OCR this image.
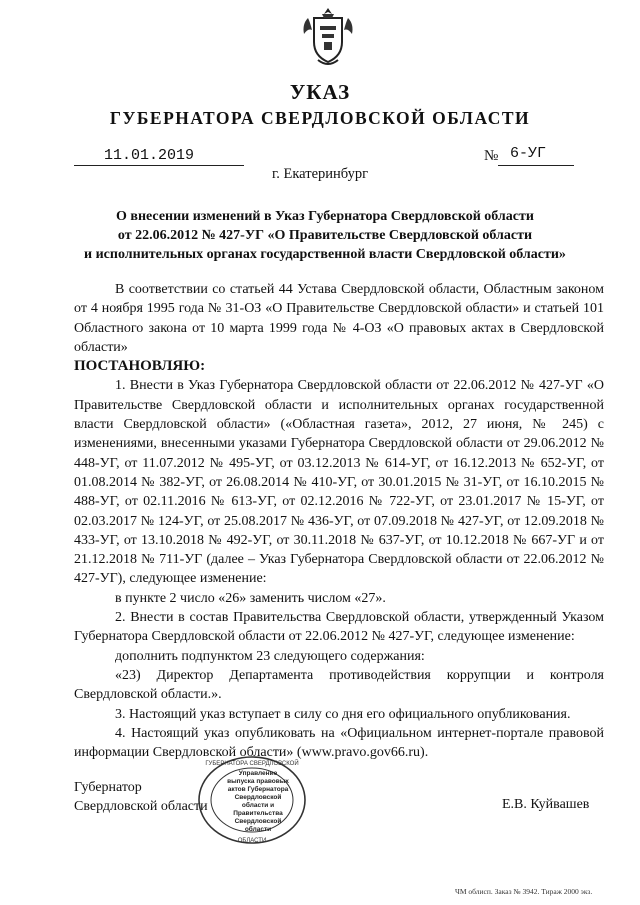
УКАЗ
ГУБЕРНАТОРА СВЕРДЛОВСКОЙ ОБЛАСТИ
11.01.2019	№ 6-УГ
г. Екатеринбург
О внесении изменений в Указ Губернатора Свердловской области
от 22.06.2012 № 427-УГ «О Правительстве Свердловской области
и исполнительных органах государственной власти Свердловской области»

В соответствии со статьей 44 Устава Свердловской области, Областным законом от 4 ноября 1995 года № 31-ОЗ «О Правительстве Свердловской области» и статьей 101 Областного закона от 10 марта 1999 года № 4-ОЗ «О правовых актах в Свердловской области»

ПОСТАНОВЛЯЮ:

1. Внести в Указ Губернатора Свердловской области от 22.06.2012 № 427-УГ «О Правительстве Свердловской области и исполнительных органах государственной власти Свердловской области» («Областная газета», 2012, 27 июня, № 245) с изменениями, внесенными указами Губернатора Свердловской области от 29.06.2012 № 448-УГ, от 11.07.2012 № 495-УГ, от 03.12.2013 № 614-УГ, от 16.12.2013 № 652-УГ, от 01.08.2014 № 382-УГ, от 26.08.2014 № 410-УГ, от 30.01.2015 № 31-УГ, от 16.10.2015 № 488-УГ, от 02.11.2016 № 613-УГ, от 02.12.2016 № 722-УГ, от 23.01.2017 № 15-УГ, от 02.03.2017 № 124-УГ, от 25.08.2017 № 436-УГ, от 07.09.2018 № 427-УГ, от 12.09.2018 № 433-УГ, от 13.10.2018 № 492-УГ, от 30.11.2018 № 637-УГ, от 10.12.2018 № 667-УГ и от 21.12.2018 № 711-УГ (далее – Указ Губернатора Свердловской области от 22.06.2012 № 427-УГ), следующее изменение:

в пункте 2 число «26» заменить числом «27».

2. Внести в состав Правительства Свердловской области, утвержденный Указом Губернатора Свердловской области от 22.06.2012 № 427-УГ, следующее изменение:

дополнить подпунктом 23 следующего содержания:

«23) Директор Департамента противодействия коррупции и контроля Свердловской области.».

3. Настоящий указ вступает в силу со дня его официального опубликования.

4. Настоящий указ опубликовать на «Официальном интернет-портале правовой информации Свердловской области» (www.pravo.gov66.ru).

Губернатор
Свердловской области
ГУБЕРНАТОРА СВЕРДЛОВСКОЙ
ОБЛАСТИ
Управление выпуска правовых актов Губернатора Свердловской области и Правительства Свердловской области
Е.В. Куйвашев
ЧМ облисп. Заказ № 3942. Тираж 2000 экз.
